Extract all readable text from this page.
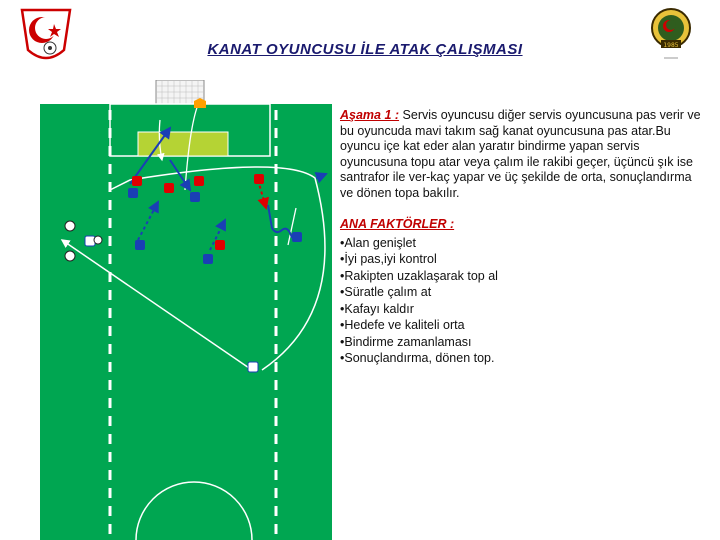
1985
KANAT OYUNCUSU İLE ATAK ÇALIŞMASI

Aşama 1 : Servis oyuncusu diğer servis oyuncusuna pas verir ve bu oyuncuda mavi takım sağ kanat oyuncusuna pas atar.Bu oyuncu içe kat eder alan yaratır bindirme yapan servis oyuncusuna topu atar veya çalım ile rakibi geçer, üçüncü şık ise santrafor ile ver-kaç yapar ve üç şekilde de orta, sonuçlandırma ve dönen topa bakılır.

ANA FAKTÖRLER :
•Alan genişlet
•İyi pas,iyi kontrol
•Rakipten uzaklaşarak top al
•Süratle çalım at
•Kafayı kaldır
•Hedefe ve kaliteli orta
•Bindirme zamanlaması
•Sonuçlandırma, dönen top.
